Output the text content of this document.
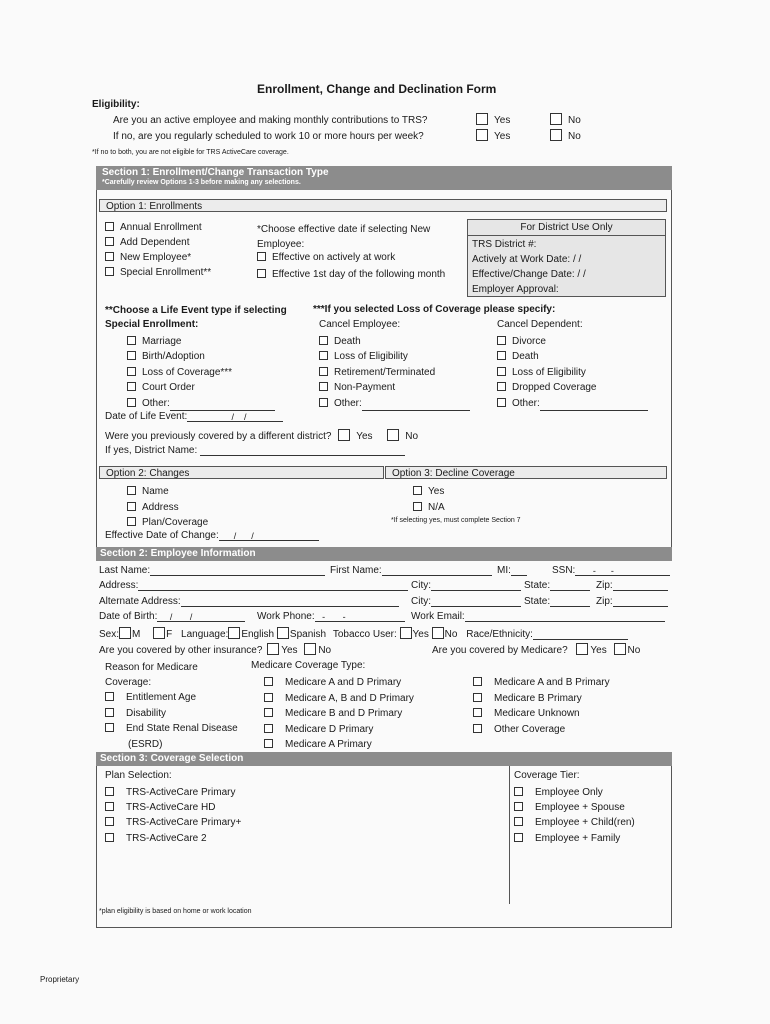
Enrollment, Change and Declination Form
Eligibility:
Are you an active employee and making monthly contributions to TRS?	Yes	No
If no, are you regularly scheduled to work 10 or more hours per week?	Yes	No
*If no to both, you are not eligible for TRS ActiveCare coverage.
Section 1: Enrollment/Change Transaction Type
*Carefully review Options 1-3 before making any selections.
Option 1: Enrollments
Annual Enrollment
Add Dependent
New Employee*
Special Enrollment**
*Choose effective date if selecting New Employee:
Effective on actively at work
Effective 1st day of the following month
For District Use Only
TRS District #:
Actively at Work Date: / /
Effective/Change Date: / /
Employer Approval:
**Choose a Life Event type if selecting Special Enrollment:
***If you selected Loss of Coverage please specify:
Cancel Employee:	Cancel Dependent:
Marriage
Birth/Adoption
Loss of Coverage***
Court Order
Other:
Death
Loss of Eligibility
Retirement/Terminated
Non-Payment
Other:
Divorce
Death
Loss of Eligibility
Dropped Coverage
Other:
Date of Life Event:	/    /
Were you previously covered by a different district? Yes	No
If yes, District Name:
Option 2: Changes	Option 3: Decline Coverage
Name
Address
Plan/Coverage
Yes
N/A
*If selecting yes, must complete Section 7
Effective Date of Change:      /      /
Section 2: Employee Information
Last Name:	First Name:	MI:	SSN:       -      -
Address:	City:	State:	Zip:
Alternate Address:	City:	State:	Zip:
Date of Birth:     /       /	Work Phone:   -       -	Work Email:
Sex: M	F Language: English Spanish Tobacco User: Yes No Race/Ethnicity:
Are you covered by other insurance? Yes No	Are you covered by Medicare? Yes No
Reason for Medicare Coverage:
Entitlement Age
Disability
End State Renal Disease (ESRD)
Medicare Coverage Type:
Medicare A and D Primary
Medicare A, B and D Primary
Medicare B and D Primary
Medicare D Primary
Medicare A Primary
Medicare A and B Primary
Medicare B Primary
Medicare Unknown
Other Coverage
Section 3: Coverage Selection
Plan Selection:
TRS-ActiveCare Primary
TRS-ActiveCare HD
TRS-ActiveCare Primary+
TRS-ActiveCare 2
Coverage Tier:
Employee Only
Employee + Spouse
Employee + Child(ren)
Employee + Family
*plan eligibility is based on home or work location
Proprietary
